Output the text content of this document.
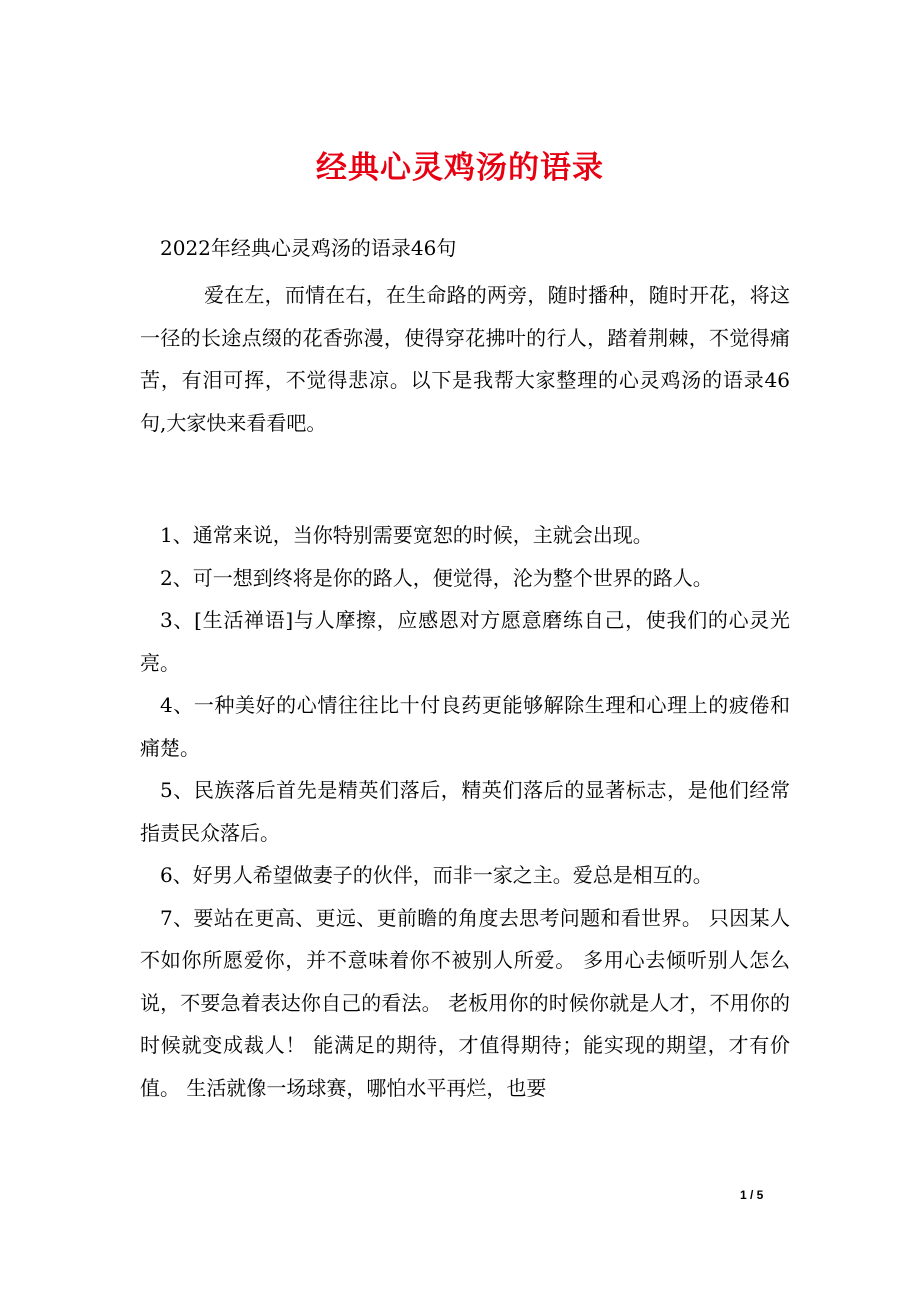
经典心灵鸡汤的语录
2022年经典心灵鸡汤的语录46句
爱在左，而情在右，在生命路的两旁，随时播种，随时开花，将这一径的长途点缀的花香弥漫，使得穿花拂叶的行人，踏着荆棘，不觉得痛苦，有泪可挥，不觉得悲凉。以下是我帮大家整理的心灵鸡汤的语录46句,大家快来看看吧。

1、通常来说，当你特别需要宽恕的时候，主就会出现。

2、可一想到终将是你的路人，便觉得，沦为整个世界的路人。

3、[生活禅语]与人摩擦，应感恩对方愿意磨练自己，使我们的心灵光亮。

4、一种美好的心情往往比十付良药更能够解除生理和心理上的疲倦和痛楚。

5、民族落后首先是精英们落后，精英们落后的显著标志，是他们经常指责民众落后。

6、好男人希望做妻子的伙伴，而非一家之主。爱总是相互的。

7、要站在更高、更远、更前瞻的角度去思考问题和看世界。 只因某人不如你所愿爱你，并不意味着你不被别人所爱。 多用心去倾听别人怎么说，不要急着表达你自己的看法。 老板用你的时候你就是人才，不用你的时候就变成裁人！ 能满足的期待，才值得期待；能实现的期望，才有价值。 生活就像一场球赛，哪怕水平再烂，也要

1 / 5
